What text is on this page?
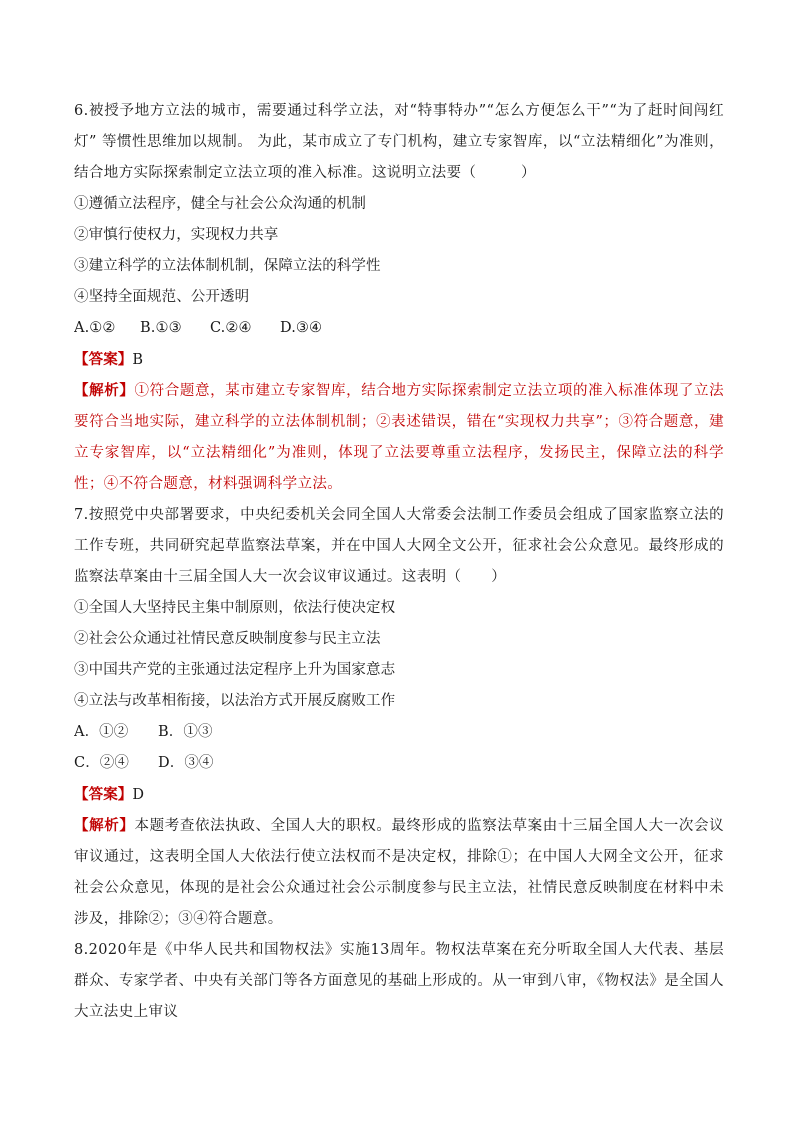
6.被授予地方立法的城市，需要通过科学立法，对“特事特办”“怎么方便怎么干”“为了赶时间闯红灯” 等惯性思维加以规制。 为此，某市成立了专门机构，建立专家智库，以“立法精细化”为准则，结合地方实际探索制定立法立项的准入标准。这说明立法要（　　　）
①遵循立法程序，健全与社会公众沟通的机制
②审慎行使权力，实现权力共享
③建立科学的立法体制机制，保障立法的科学性
④坚持全面规范、公开透明
A.①② B.①③ C.②④ D.③④
【答案】B
【解析】①符合题意，某市建立专家智库，结合地方实际探索制定立法立项的准入标准体现了立法要符合当地实际，建立科学的立法体制机制；②表述错误，错在“实现权力共享”；③符合题意，建立专家智库，以“立法精细化”为准则，体现了立法要尊重立法程序，发扬民主，保障立法的科学性；④不符合题意，材料强调科学立法。
7.按照党中央部署要求，中央纪委机关会同全国人大常委会法制工作委员会组成了国家监察立法的工作专班，共同研究起草监察法草案，并在中国人大网全文公开，征求社会公众意见。最终形成的监察法草案由十三届全国人大一次会议审议通过。这表明（　　）
①全国人大坚持民主集中制原则，依法行使决定权
②社会公众通过社情民意反映制度参与民主立法
③中国共产党的主张通过法定程序上升为国家意志
④立法与改革相衔接，以法治方式开展反腐败工作
A．①② B．①③
C．②④ D．③④
【答案】D
【解析】本题考查依法执政、全国人大的职权。最终形成的监察法草案由十三届全国人大一次会议审议通过，这表明全国人大依法行使立法权而不是决定权，排除①；在中国人大网全文公开，征求社会公众意见，体现的是社会公众通过社会公示制度参与民主立法，社情民意反映制度在材料中未涉及，排除②；③④符合题意。
8.2020年是《中华人民共和国物权法》实施13周年。物权法草案在充分听取全国人大代表、基层群众、专家学者、中央有关部门等各方面意见的基础上形成的。从一审到八审，《物权法》是全国人大立法史上审议
